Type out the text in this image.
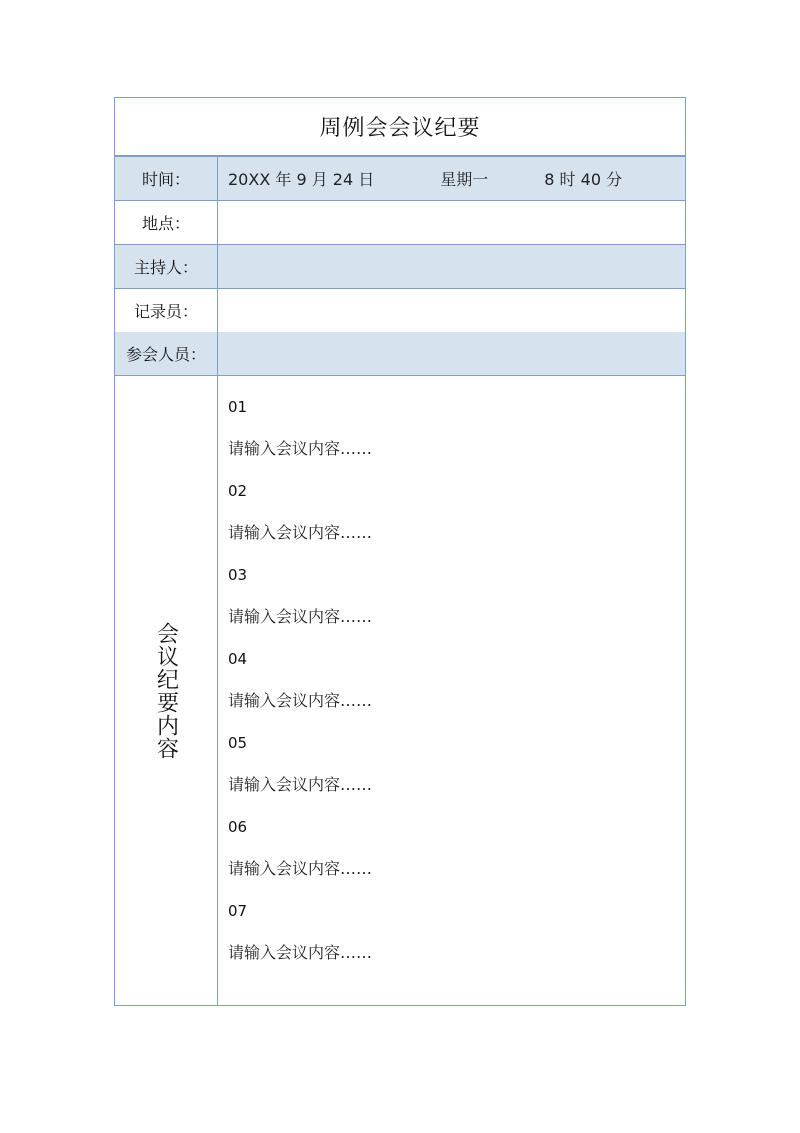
周例会会议纪要
时间：	20XX 年 9 月 24 日	星期一	8 时 40 分
地点：
主持人：
记录员：
参会人员：
会议纪要内容
01
请输入会议内容……
02
请输入会议内容……
03
请输入会议内容……
04
请输入会议内容……
05
请输入会议内容……
06
请输入会议内容……
07
请输入会议内容……
